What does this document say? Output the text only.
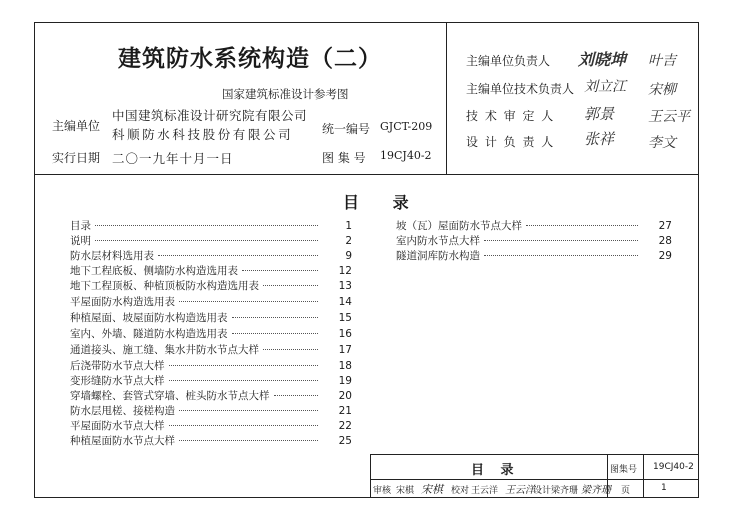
建筑防水系统构造（二）
国家建筑标准设计参考图
主编单位
中国建筑标准设计研究院有限公司
科顺防水科技股份有限公司
实行日期 二〇一九年十月一日
统一编号 GJCT-209
图 集 号 19CJ40-2
主编单位负责人 刘晓坤 叶吉
主编单位技术负责人 刘立江 宋柳
技 术 审 定 人 郭景 王云平
设 计 负 责 人 张祥 李文
目 录
目录	1
说明	2
防水层材料选用表	9
地下工程底板、侧墙防水构造选用表	12
地下工程顶板、种植顶板防水构造选用表	13
平屋面防水构造选用表	14
种植屋面、坡屋面防水构造选用表	15
室内、外墙、隧道防水构造选用表	16
通道接头、施工缝、集水井防水节点大样	17
后浇带防水节点大样	18
变形缝防水节点大样	19
穿墙螺栓、套管式穿墙、桩头防水节点大样	20
防水层甩槎、接槎构造	21
平屋面防水节点大样	22
种植屋面防水节点大样	25
坡（瓦）屋面防水节点大样	27
室内防水节点大样	28
隧道洞库防水构造	29
目 录	图集号 19CJ40-2
审核 宋棋 宋棋 校对 王云洋 王云洋
设计 梁齐珊 梁齐珊 页	1
